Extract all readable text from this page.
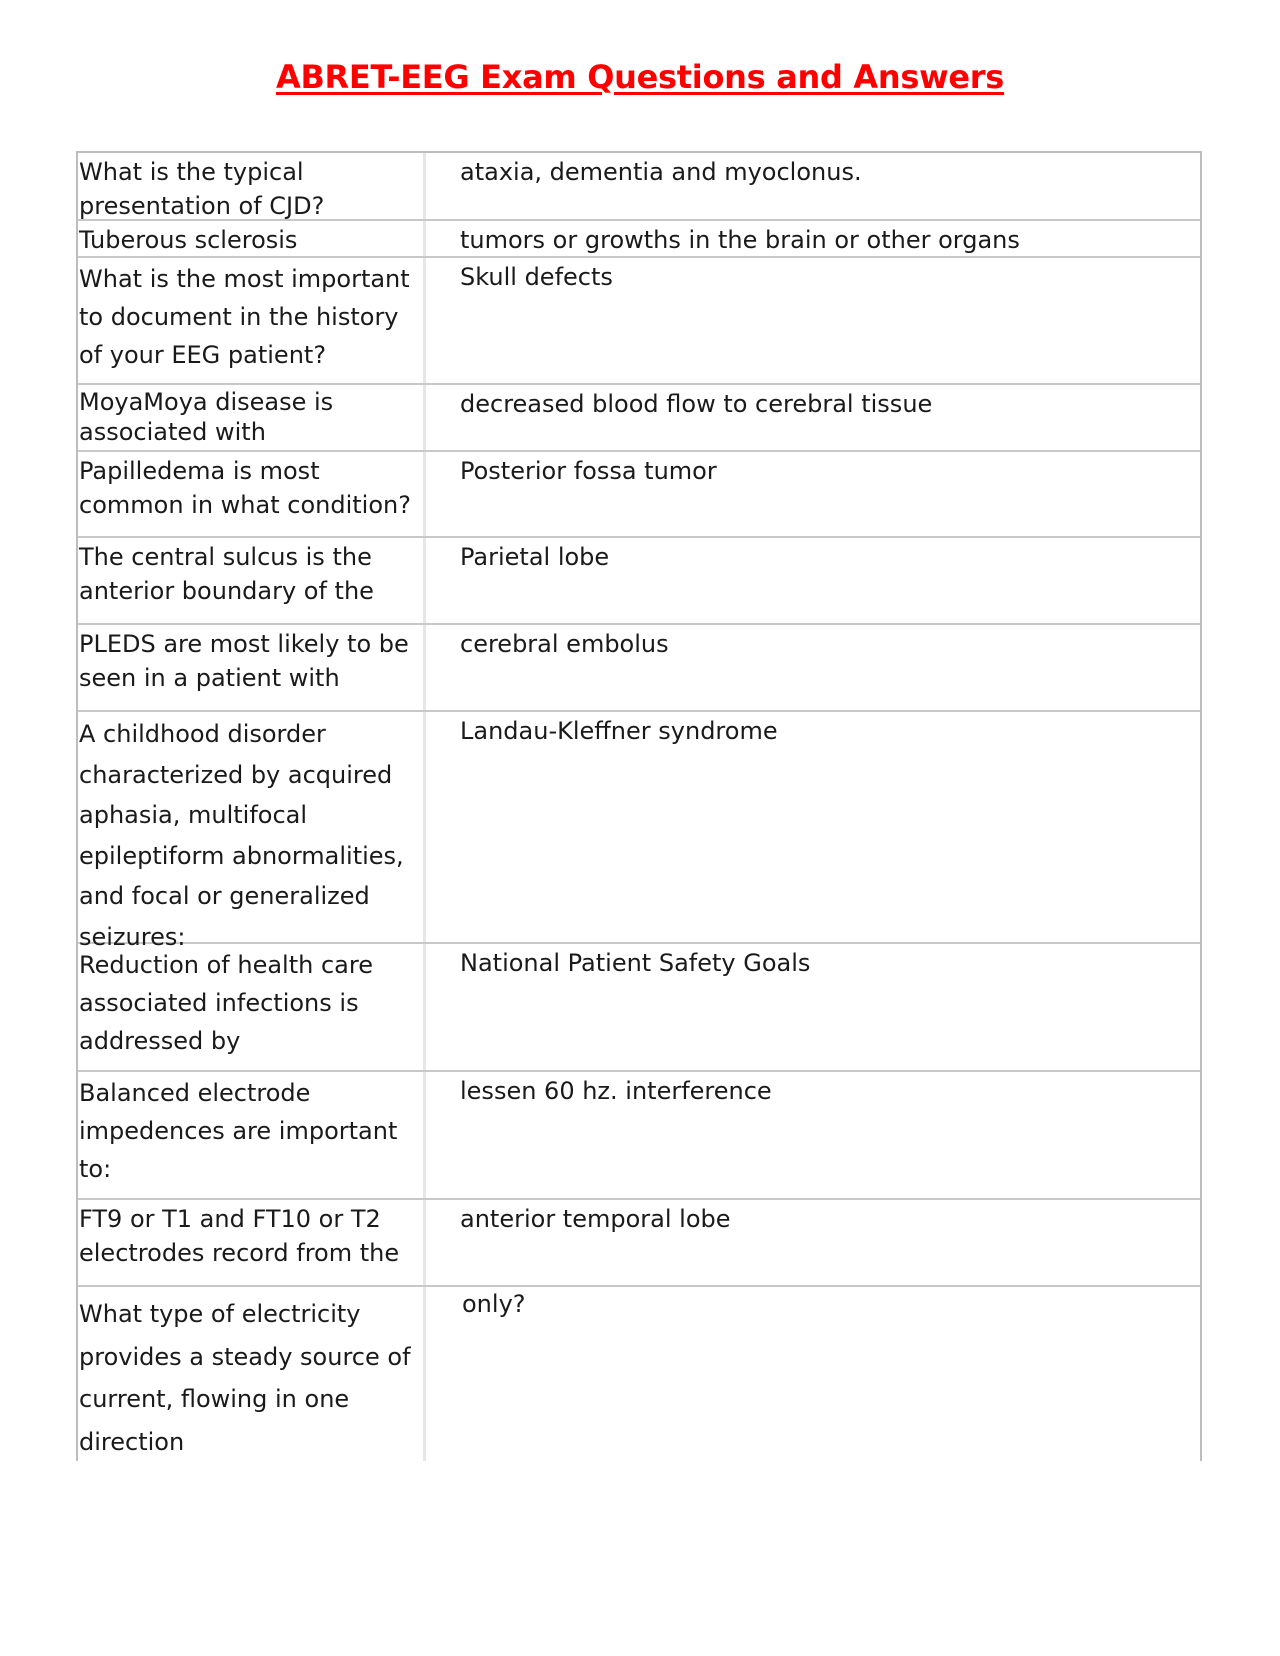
ABRET-EEG Exam Questions and Answers
What is the typical presentation of CJD?
ataxia, dementia and myoclonus.
Tuberous sclerosis	tumors or growths in the brain or other organs
What is the most important to document in the history of your EEG patient?
Skull defects
MoyaMoya disease is associated with
decreased blood flow to cerebral tissue
Papilledema is most common in what condition?
Posterior fossa tumor
The central sulcus is the anterior boundary of the
Parietal lobe
PLEDS are most likely to be seen in a patient with
cerebral embolus
A childhood disorder characterized by acquired aphasia, multifocal epileptiform abnormalities, and focal or generalized seizures:
Landau-Kleffner syndrome
Reduction of health care associated infections is addressed by
National Patient Safety Goals
Balanced electrode impedences are important to:
lessen 60 hz. interference
FT9 or T1 and FT10 or T2 electrodes record from the
anterior temporal lobe
What type of electricity provides a steady source of current, flowing in one direction
only?
